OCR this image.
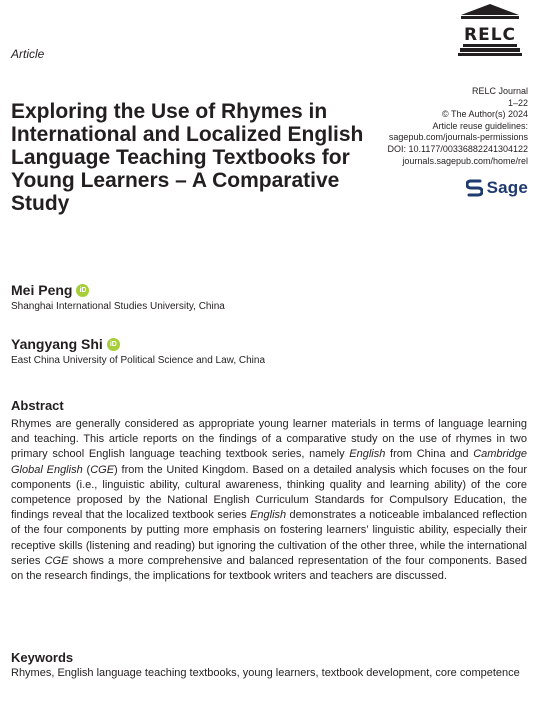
RELC
Article
Exploring the Use of Rhymes in International and Localized English Language Teaching Textbooks for Young Learners – A Comparative Study
RELC Journal
1–22
© The Author(s) 2024
Article reuse guidelines:
sagepub.com/journals-permissions
DOI: 10.1177/00336882241304122
journals.sagepub.com/home/rel
Sage
Mei Peng	iD
Shanghai International Studies University, China
Yangyang Shi	iD
East China University of Political Science and Law, China
Abstract

Rhymes are generally considered as appropriate young learner materials in terms of language learning and teaching. This article reports on the findings of a comparative study on the use of rhymes in two primary school English language teaching textbook series, namely English from China and Cambridge Global English (CGE) from the United Kingdom. Based on a detailed analysis which focuses on the four components (i.e., linguistic ability, cultural awareness, thinking quality and learning ability) of the core competence proposed by the National English Curriculum Standards for Compulsory Education, the findings reveal that the localized textbook series English demonstrates a noticeable imbalanced reflection of the four components by putting more emphasis on fostering learners’ linguistic ability, especially their receptive skills (listening and reading) but ignoring the cultivation of the other three, while the international series CGE shows a more comprehensive and balanced representation of the four components. Based on the research findings, the implications for textbook writers and teachers are discussed.

Keywords

Rhymes, English language teaching textbooks, young learners, textbook development, core competence
